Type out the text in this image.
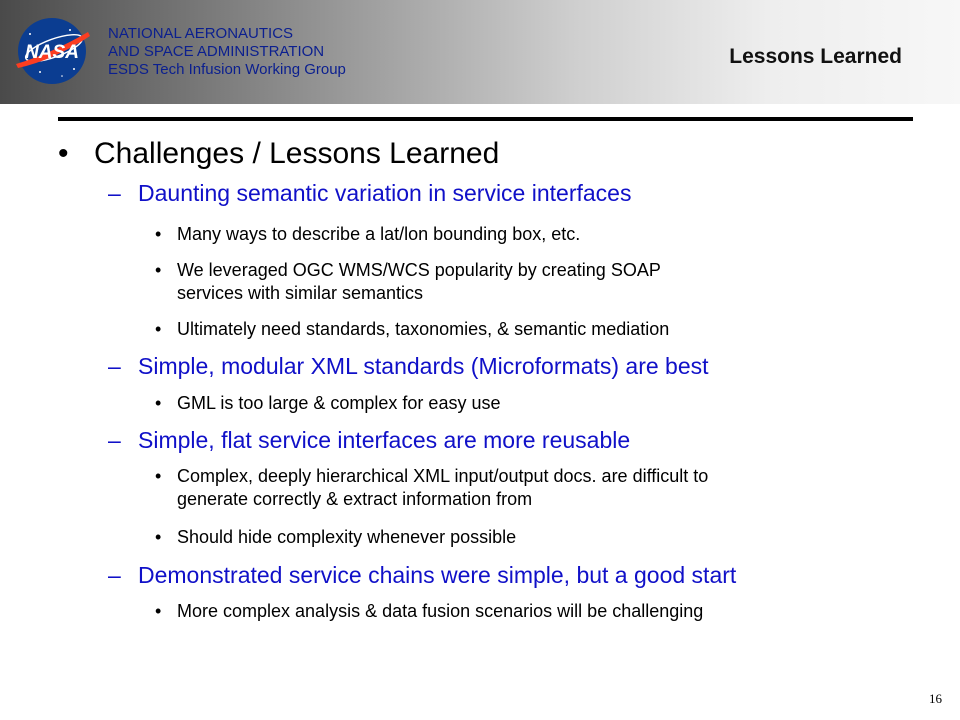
NASA
NATIONAL AERONAUTICS
AND SPACE ADMINISTRATION
ESDS Tech Infusion Working Group
Lessons Learned
• Challenges / Lessons Learned
– Daunting semantic variation in service interfaces
• Many ways to describe a lat/lon bounding box, etc.
• We leveraged OGC WMS/WCS popularity by creating SOAP
services with similar semantics
• Ultimately need standards, taxonomies, & semantic mediation
– Simple, modular XML standards (Microformats) are best
• GML is too large & complex for easy use
– Simple, flat service interfaces are more reusable
• Complex, deeply hierarchical XML input/output docs. are difficult to
generate correctly & extract information from
• Should hide complexity whenever possible
– Demonstrated service chains were simple, but a good start
• More complex analysis & data fusion scenarios will be challenging
16
